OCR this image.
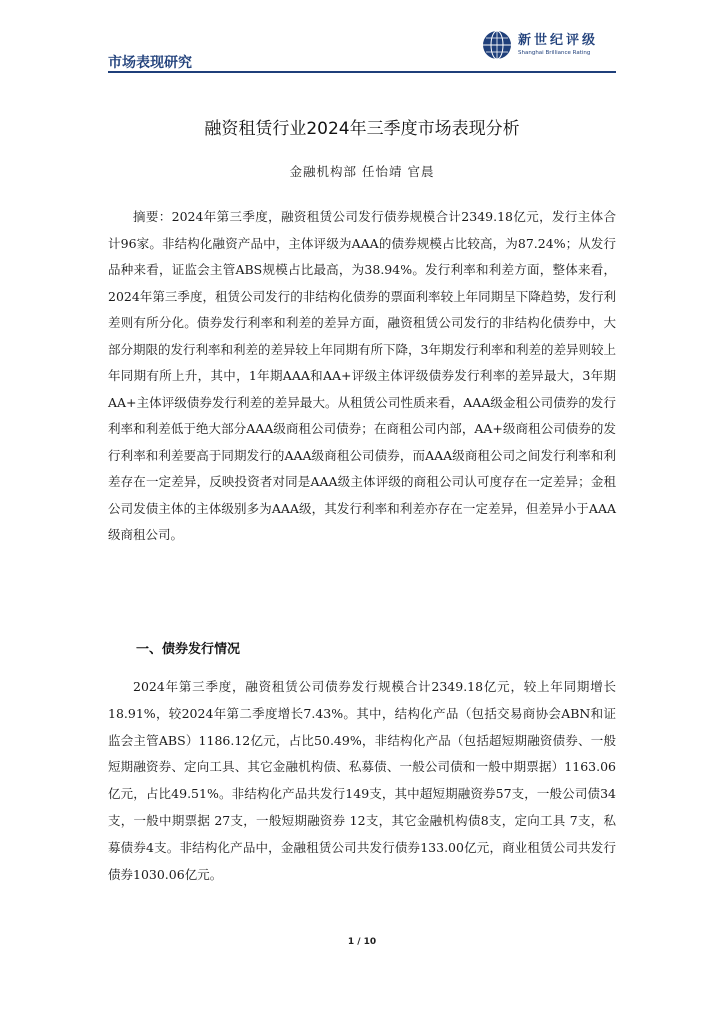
市场表现研究
新世纪评级
Shanghai Brilliance Rating
融资租赁行业2024年三季度市场表现分析
金融机构部 任怡靖 官晨

摘要：2024年第三季度，融资租赁公司发行债券规模合计2349.18亿元，发行主体合计96家。非结构化融资产品中，主体评级为AAA的债券规模占比较高，为87.24%；从发行品种来看，证监会主管ABS规模占比最高，为38.94%。发行利率和利差方面，整体来看，2024年第三季度，租赁公司发行的非结构化债券的票面利率较上年同期呈下降趋势，发行利差则有所分化。债券发行利率和利差的差异方面，融资租赁公司发行的非结构化债券中，大部分期限的发行利率和利差的差异较上年同期有所下降，3年期发行利率和利差的差异则较上年同期有所上升，其中，1年期AAA和AA+评级主体评级债券发行利率的差异最大，3年期AA+主体评级债券发行利差的差异最大。从租赁公司性质来看，AAA级金租公司债券的发行利率和利差低于绝大部分AAA级商租公司债券；在商租公司内部，AA+级商租公司债券的发行利率和利差要高于同期发行的AAA级商租公司债券，而AAA级商租公司之间发行利率和利差存在一定差异，反映投资者对同是AAA级主体评级的商租公司认可度存在一定差异；金租公司发债主体的主体级别多为AAA级，其发行利率和利差亦存在一定差异，但差异小于AAA级商租公司。

一、债券发行情况

2024年第三季度，融资租赁公司债券发行规模合计2349.18亿元，较上年同期增长18.91%，较2024年第二季度增长7.43%。其中，结构化产品（包括交易商协会ABN和证监会主管ABS）1186.12亿元，占比50.49%，非结构化产品（包括超短期融资债券、一般短期融资券、定向工具、其它金融机构债、私募债、一般公司债和一般中期票据）1163.06亿元，占比49.51%。非结构化产品共发行149支，其中超短期融资券57支，一般公司债34支，一般中期票据 27支，一般短期融资券 12支，其它金融机构债8支，定向工具 7支，私募债券4支。非结构化产品中，金融租赁公司共发行债券133.00亿元，商业租赁公司共发行债券1030.06亿元。

1 / 10
